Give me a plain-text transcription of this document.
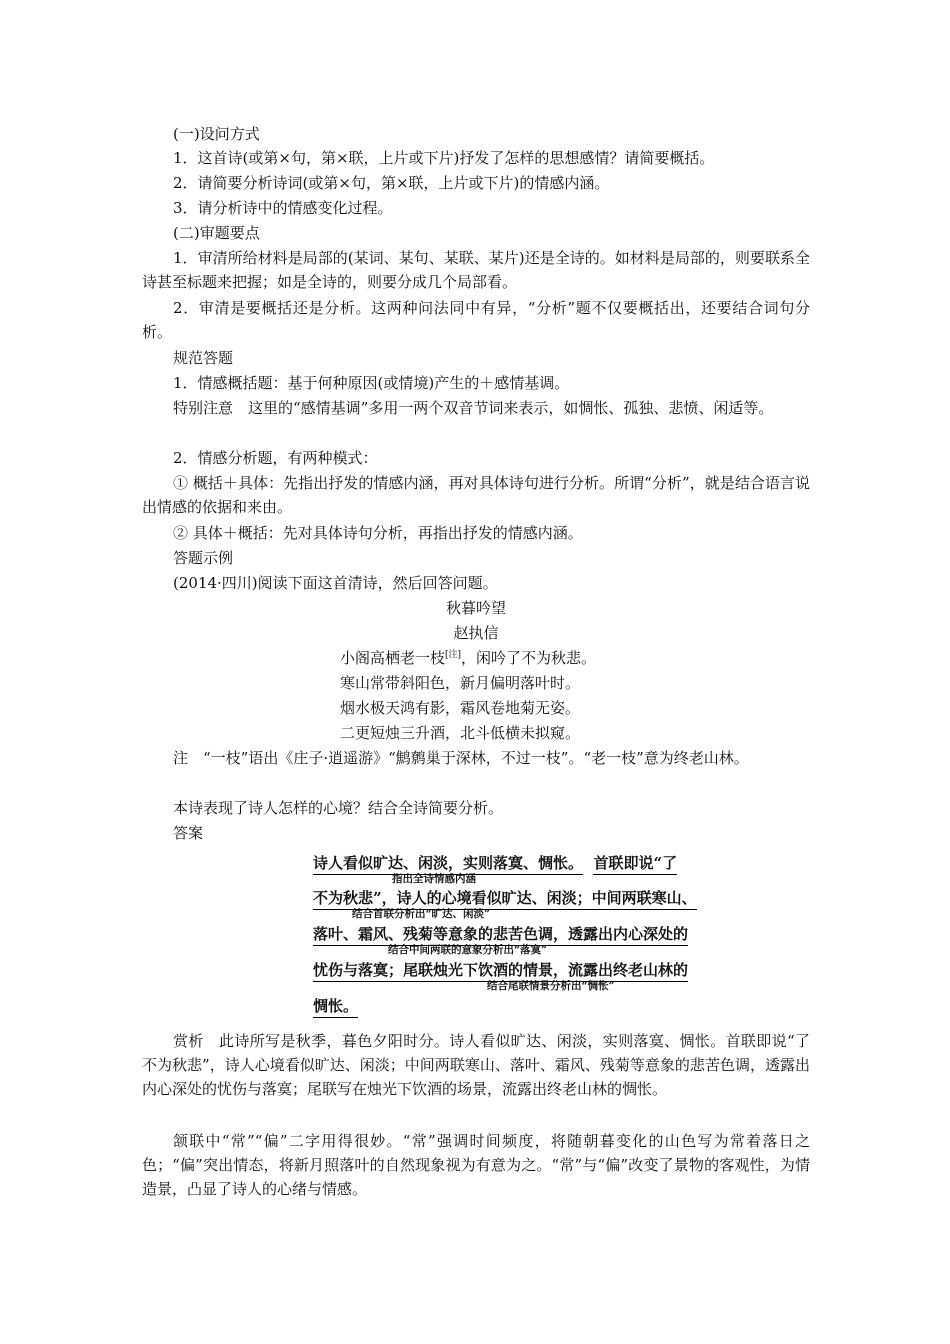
(一)设问方式
1．这首诗(或第×句，第×联，上片或下片)抒发了怎样的思想感情？请简要概括。
2．请简要分析诗词(或第×句，第×联，上片或下片)的情感内涵。
3．请分析诗中的情感变化过程。
(二)审题要点
1．审清所给材料是局部的(某词、某句、某联、某片)还是全诗的。如材料是局部的，则要联系全诗甚至标题来把握；如是全诗的，则要分成几个局部看。
2．审清是要概括还是分析。这两种问法同中有异，“分析”题不仅要概括出，还要结合词句分析。
规范答题
1．情感概括题：基于何种原因(或情境)产生的＋感情基调。
特别注意　这里的“感情基调”多用一两个双音节词来表示，如惆怅、孤独、悲愤、闲适等。
2．情感分析题，有两种模式：
① 概括＋具体：先指出抒发的情感内涵，再对具体诗句进行分析。所谓“分析”，就是结合语言说出情感的依据和来由。
② 具体＋概括：先对具体诗句分析，再指出抒发的情感内涵。
答题示例
(2014·四川)阅读下面这首清诗，然后回答问题。
秋暮吟望
赵执信
小阁高栖老一枝[注]，闲吟了不为秋悲。
寒山常带斜阳色，新月偏明落叶时。
烟水极天鸿有影，霜风卷地菊无姿。
二更短烛三升酒，北斗低横未拟窥。
注　“一枝”语出《庄子·逍遥游》“鹪鹩巢于深林，不过一枝”。“老一枝”意为终老山林。
本诗表现了诗人怎样的心境？结合全诗简要分析。
答案
诗人看似旷达、闲淡，实则落寞、惆怅。 首联即说“了
指出全诗情感内涵
不为秋悲”，诗人的心境看似旷达、闲淡；中间两联寒山、
结合首联分析出“旷达、闲淡”
落叶、霜风、残菊等意象的悲苦色调，透露出内心深处的
结合中间两联的意象分析出“落寞”
忧伤与落寞；尾联烛光下饮酒的情景，流露出终老山林的
结合尾联情景分析出“惆怅”
惆怅。
赏析　此诗所写是秋季，暮色夕阳时分。诗人看似旷达、闲淡，实则落寞、惆怅。首联即说“了不为秋悲”，诗人心境看似旷达、闲淡；中间两联寒山、落叶、霜风、残菊等意象的悲苦色调，透露出内心深处的忧伤与落寞；尾联写在烛光下饮酒的场景，流露出终老山林的惆怅。
颔联中“常”“偏”二字用得很妙。“常”强调时间频度，将随朝暮变化的山色写为常着落日之色；“偏”突出情态，将新月照落叶的自然现象视为有意为之。“常”与“偏”改变了景物的客观性，为情造景，凸显了诗人的心绪与情感。
